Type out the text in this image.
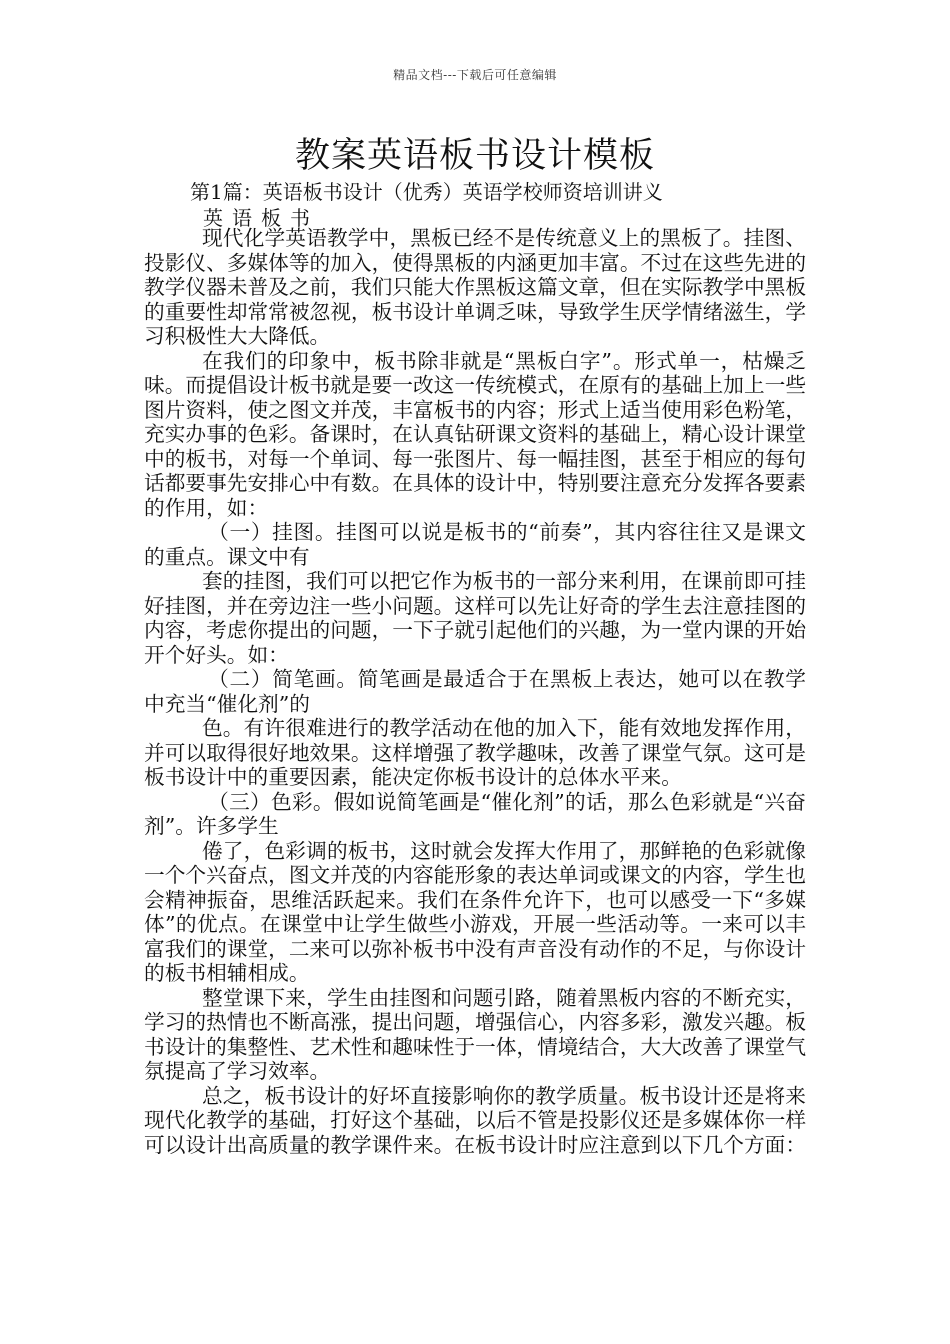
精品文档---下载后可任意编辑
教案英语板书设计模板
第1篇：英语板书设计（优秀）英语学校师资培训讲义
英语板书

现代化学英语教学中，黑板已经不是传统意义上的黑板了。挂图、投影仪、多媒体等的加入，使得黑板的内涵更加丰富。不过在这些先进的教学仪器未普及之前，我们只能大作黑板这篇文章，但在实际教学中黑板的重要性却常常被忽视，板书设计单调乏味，导致学生厌学情绪滋生，学习积极性大大降低。

在我们的印象中，板书除非就是“黑板白字”。形式单一，枯燥乏味。而提倡设计板书就是要一改这一传统模式，在原有的基础上加上一些图片资料，使之图文并茂，丰富板书的内容；形式上适当使用彩色粉笔，充实办事的色彩。备课时，在认真钻研课文资料的基础上，精心设计课堂中的板书，对每一个单词、每一张图片、每一幅挂图，甚至于相应的每句话都要事先安排心中有数。在具体的设计中，特别要注意充分发挥各要素的作用，如：

（一）挂图。挂图可以说是板书的“前奏”，其内容往往又是课文的重点。课文中有

套的挂图，我们可以把它作为板书的一部分来利用，在课前即可挂好挂图，并在旁边注一些小问题。这样可以先让好奇的学生去注意挂图的内容，考虑你提出的问题，一下子就引起他们的兴趣，为一堂内课的开始开个好头。如：

（二）简笔画。简笔画是最适合于在黑板上表达，她可以在教学中充当“催化剂”的

色。有许很难进行的教学活动在他的加入下，能有效地发挥作用，并可以取得很好地效果。这样增强了教学趣味，改善了课堂气氛。这可是板书设计中的重要因素，能决定你板书设计的总体水平来。

（三）色彩。假如说简笔画是“催化剂”的话，那么色彩就是“兴奋剂”。许多学生

倦了，色彩调的板书，这时就会发挥大作用了，那鲜艳的色彩就像一个个兴奋点，图文并茂的内容能形象的表达单词或课文的内容，学生也会精神振奋，思维活跃起来。我们在条件允许下，也可以感受一下“多媒体”的优点。在课堂中让学生做些小游戏，开展一些活动等。一来可以丰富我们的课堂，二来可以弥补板书中没有声音没有动作的不足，与你设计的板书相辅相成。

整堂课下来，学生由挂图和问题引路，随着黑板内容的不断充实，学习的热情也不断高涨，提出问题，增强信心，内容多彩，激发兴趣。板书设计的集整性、艺术性和趣味性于一体，情境结合，大大改善了课堂气氛提高了学习效率。

总之，板书设计的好坏直接影响你的教学质量。板书设计还是将来现代化教学的基础，打好这个基础，以后不管是投影仪还是多媒体你一样可以设计出高质量的教学课件来。在板书设计时应注意到以下几个方面：
